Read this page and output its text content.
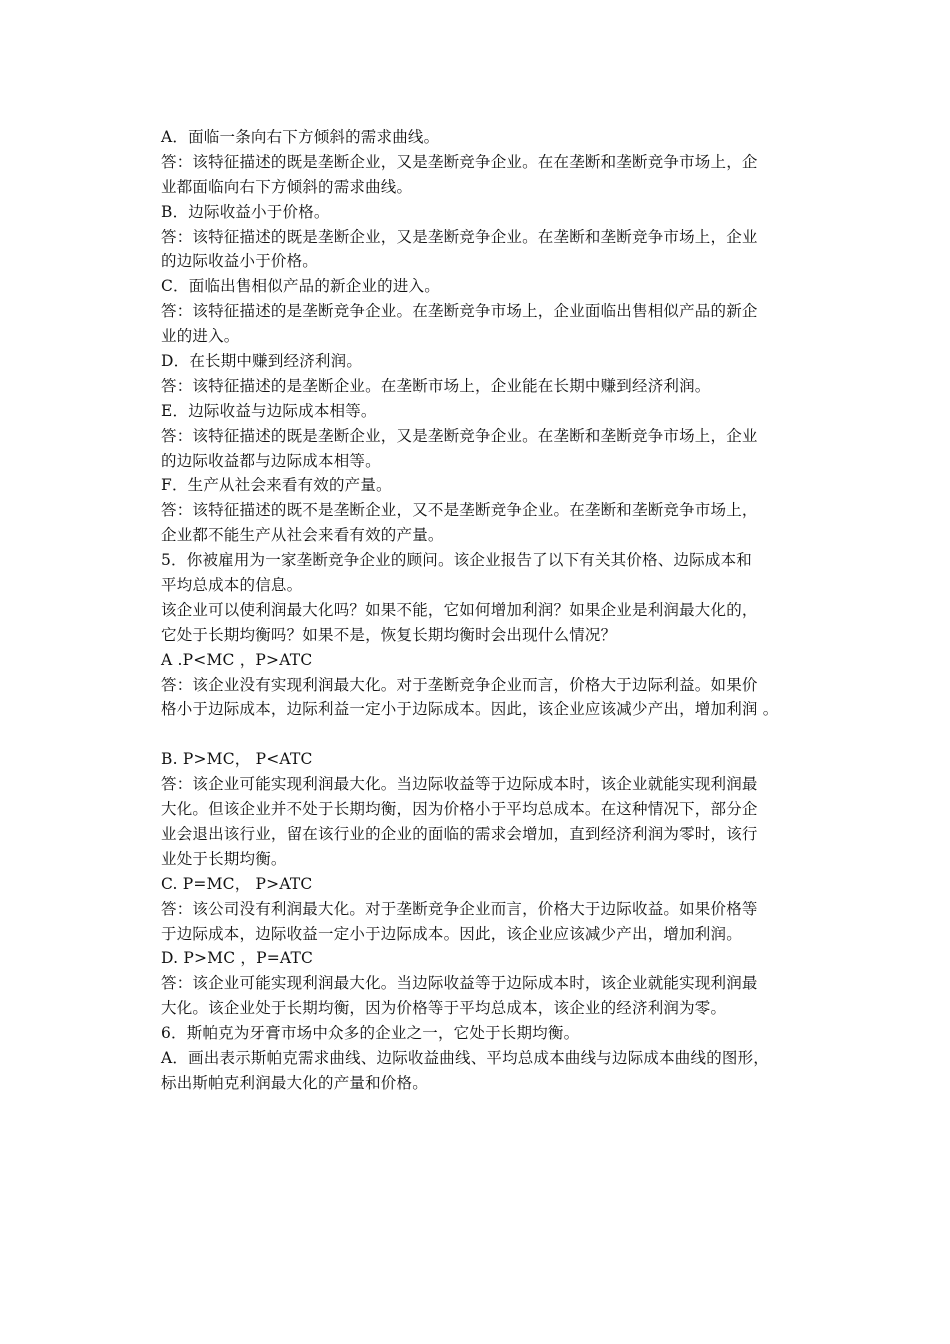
A．面临一条向右下方倾斜的需求曲线。
答：该特征描述的既是垄断企业，又是垄断竞争企业。在在垄断和垄断竞争市场上，企
业都面临向右下方倾斜的需求曲线。
B．边际收益小于价格。
答：该特征描述的既是垄断企业，又是垄断竞争企业。在垄断和垄断竞争市场上，企业
的边际收益小于价格。
C．面临出售相似产品的新企业的进入。
答：该特征描述的是垄断竞争企业。在垄断竞争市场上，企业面临出售相似产品的新企
业的进入。
D．在长期中赚到经济利润。
答：该特征描述的是垄断企业。在垄断市场上，企业能在长期中赚到经济利润。
E．边际收益与边际成本相等。
答：该特征描述的既是垄断企业，又是垄断竞争企业。在垄断和垄断竞争市场上，企业
的边际收益都与边际成本相等。
F．生产从社会来看有效的产量。
答：该特征描述的既不是垄断企业，又不是垄断竞争企业。在垄断和垄断竞争市场上，
企业都不能生产从社会来看有效的产量。
5．你被雇用为一家垄断竞争企业的顾问。该企业报告了以下有关其价格、边际成本和
平均总成本的信息。
该企业可以使利润最大化吗？如果不能，它如何增加利润？如果企业是利润最大化的，
它处于长期均衡吗？如果不是，恢复长期均衡时会出现什么情况？
A .P<MC ，P>ATC
答：该企业没有实现利润最大化。对于垄断竞争企业而言，价格大于边际利益。如果价
格小于边际成本，边际利益一定小于边际成本。因此，该企业应该减少产出，增加利润 。
B. P>MC， P<ATC
答：该企业可能实现利润最大化。当边际收益等于边际成本时，该企业就能实现利润最
大化。但该企业并不处于长期均衡，因为价格小于平均总成本。在这种情况下，部分企
业会退出该行业，留在该行业的企业的面临的需求会增加，直到经济利润为零时，该行
业处于长期均衡。
C. P=MC， P>ATC
答：该公司没有利润最大化。对于垄断竞争企业而言，价格大于边际收益。如果价格等
于边际成本，边际收益一定小于边际成本。因此，该企业应该减少产出，增加利润。
D. P>MC ，P=ATC
答：该企业可能实现利润最大化。当边际收益等于边际成本时，该企业就能实现利润最
大化。该企业处于长期均衡，因为价格等于平均总成本，该企业的经济利润为零。
6．斯帕克为牙膏市场中众多的企业之一，它处于长期均衡。
A．画出表示斯帕克需求曲线、边际收益曲线、平均总成本曲线与边际成本曲线的图形，
标出斯帕克利润最大化的产量和价格。
